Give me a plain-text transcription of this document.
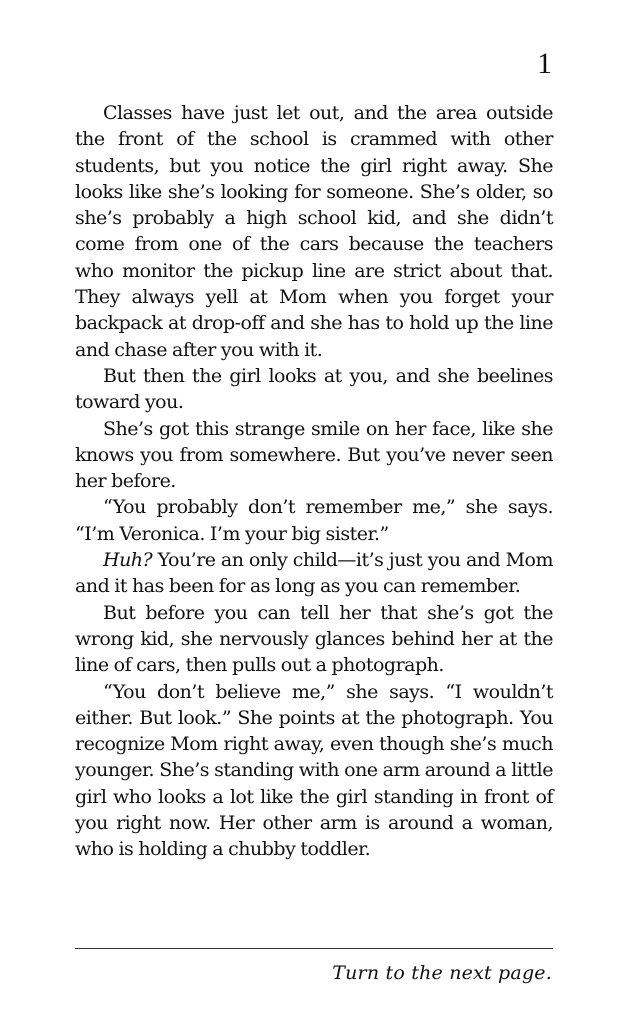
1

Classes have just let out, and the area outside the front of the school is crammed with other students, but you notice the girl right away. She looks like she’s looking for someone. She’s older, so she’s probably a high school kid, and she didn’t come from one of the cars because the teachers who monitor the pickup line are strict about that. They always yell at Mom when you forget your backpack at drop-off and she has to hold up the line and chase after you with it.

But then the girl looks at you, and she beelines toward you.

She’s got this strange smile on her face, like she knows you from somewhere. But you’ve never seen her before.

“You probably don’t remember me,” she says. “I’m Veronica. I’m your big sister.”

Huh? You’re an only child—it’s just you and Mom and it has been for as long as you can remember.

But before you can tell her that she’s got the wrong kid, she nervously glances behind her at the line of cars, then pulls out a photograph.

“You don’t believe me,” she says. “I wouldn’t either. But look.” She points at the photograph. You recognize Mom right away, even though she’s much younger. She’s standing with one arm around a little girl who looks a lot like the girl standing in front of you right now. Her other arm is around a woman, who is holding a chubby toddler.

Turn to the next page.
